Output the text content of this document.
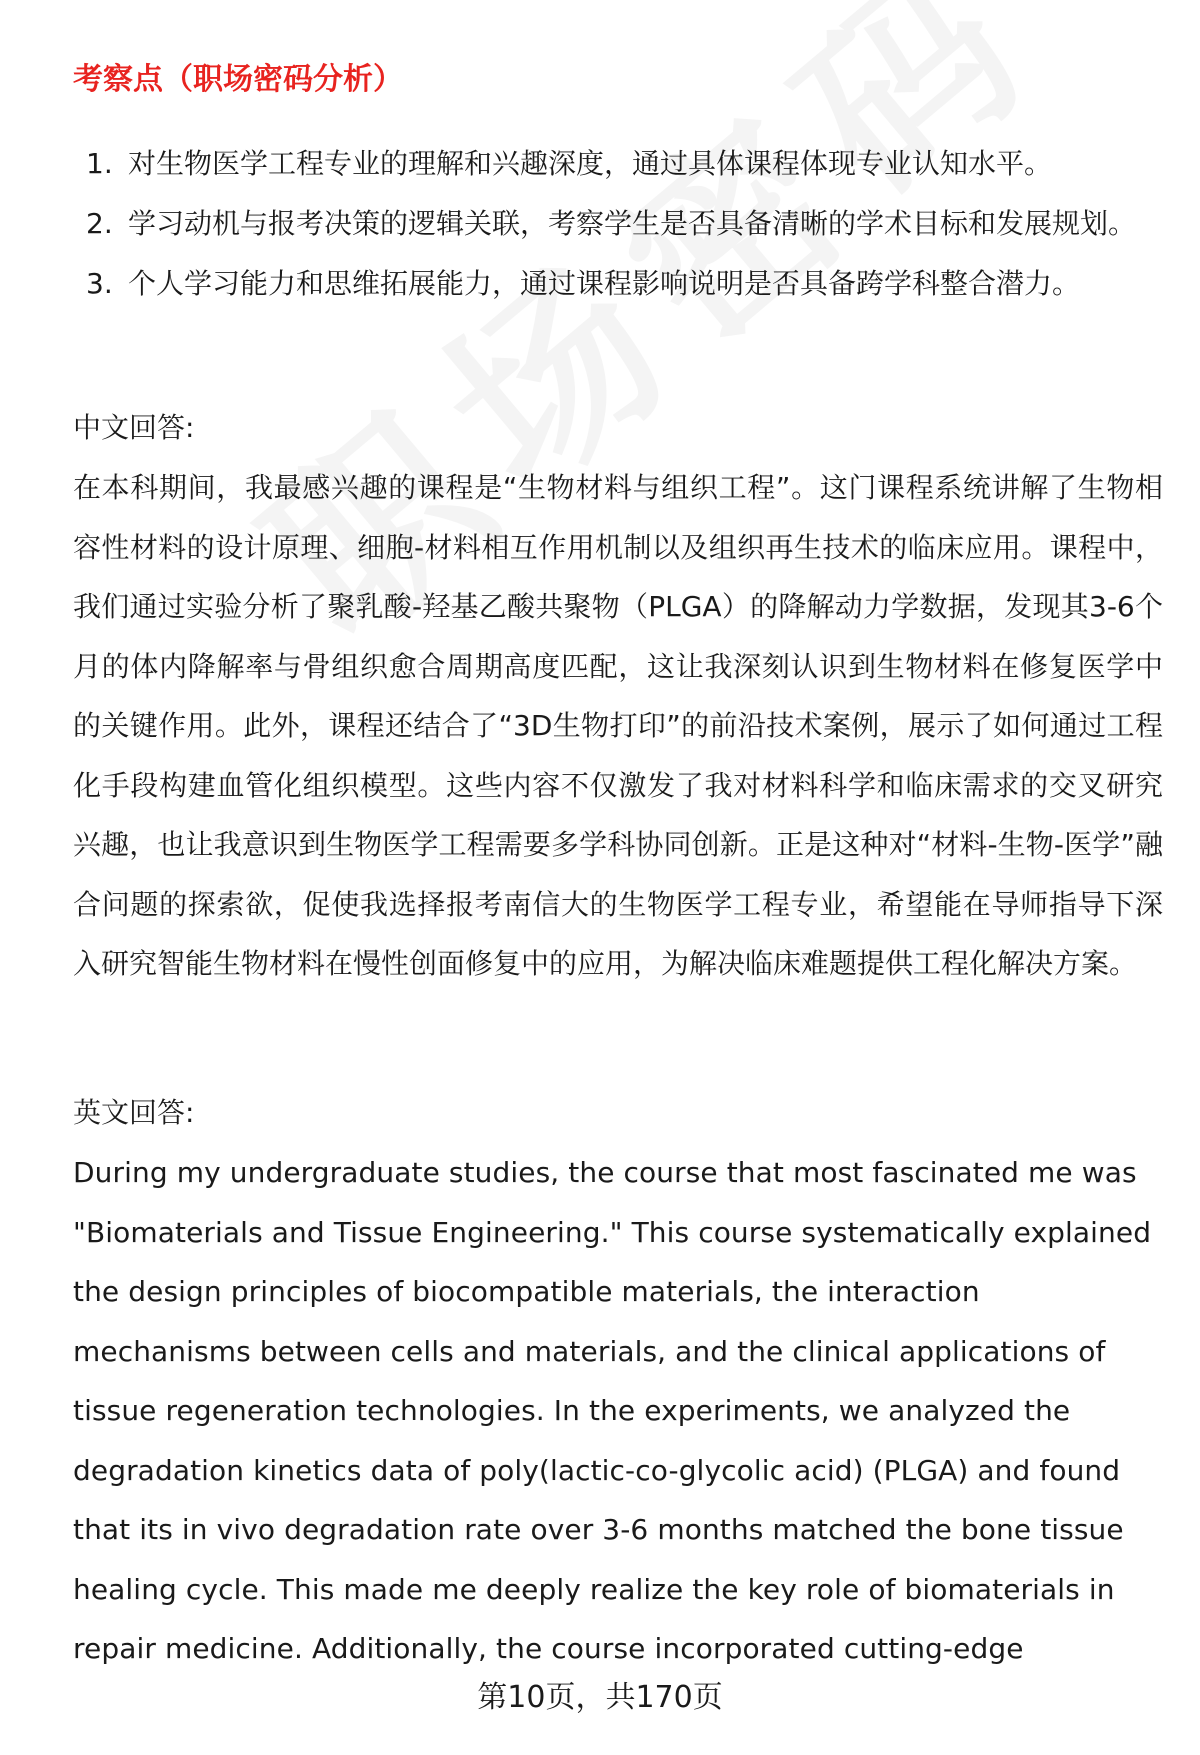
考察点（职场密码分析）
1. 对生物医学工程专业的理解和兴趣深度，通过具体课程体现专业认知水平。
2. 学习动机与报考决策的逻辑关联，考察学生是否具备清晰的学术目标和发展规划。
3. 个人学习能力和思维拓展能力，通过课程影响说明是否具备跨学科整合潜力。
中文回答:
在本科期间，我最感兴趣的课程是“生物材料与组织工程”。这门课程系统讲解了生物相容性材料的设计原理、细胞-材料相互作用机制以及组织再生技术的临床应用。课程中，我们通过实验分析了聚乳酸-羟基乙酸共聚物（PLGA）的降解动力学数据，发现其3-6个月的体内降解率与骨组织愈合周期高度匹配，这让我深刻认识到生物材料在修复医学中的关键作用。此外，课程还结合了“3D生物打印”的前沿技术案例，展示了如何通过工程化手段构建血管化组织模型。这些内容不仅激发了我对材料科学和临床需求的交叉研究兴趣，也让我意识到生物医学工程需要多学科协同创新。正是这种对“材料-生物-医学”融合问题的探索欲，促使我选择报考南信大的生物医学工程专业，希望能在导师指导下深入研究智能生物材料在慢性创面修复中的应用，为解决临床难题提供工程化解决方案。
英文回答:
During my undergraduate studies, the course that most fascinated me was "Biomaterials and Tissue Engineering." This course systematically explained the design principles of biocompatible materials, the interaction mechanisms between cells and materials, and the clinical applications of tissue regeneration technologies. In the experiments, we analyzed the degradation kinetics data of poly(lactic-co-glycolic acid) (PLGA) and found that its in vivo degradation rate over 3-6 months matched the bone tissue healing cycle. This made me deeply realize the key role of biomaterials in repair medicine. Additionally, the course incorporated cutting-edge
第10页，共170页
